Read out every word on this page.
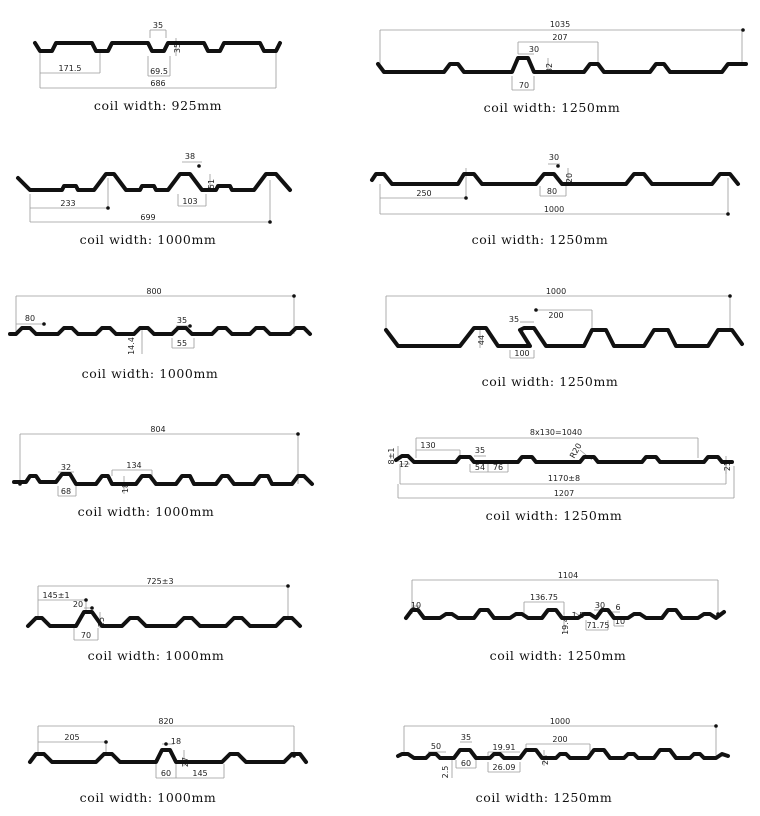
35
35
171.5	69.5
686
coil width: 925mm
1035
207
30
32
70
coil width: 1250mm
38
51
103
233
699
coil width: 1000mm
30
20
80
250
1000
coil width: 1250mm
800
80	35
55
14.4
coil width: 1000mm
1000
200
35
44
100
coil width: 1250mm
804
32
68
134
18
coil width: 1000mm
8x130=1040
130
35
54 76
R20
8±1
12	25
1170±8
1207
coil width: 1250mm
725±3
145±1
20
25
70
coil width: 1000mm
1104
10
136.75
19.4
1.5
30 6
71.75 10
coil width: 1250mm
820
205	18
27
60	145
coil width: 1000mm
1000
50
35
60
2.5
19.91
26.09
200
25
coil width: 1250mm
